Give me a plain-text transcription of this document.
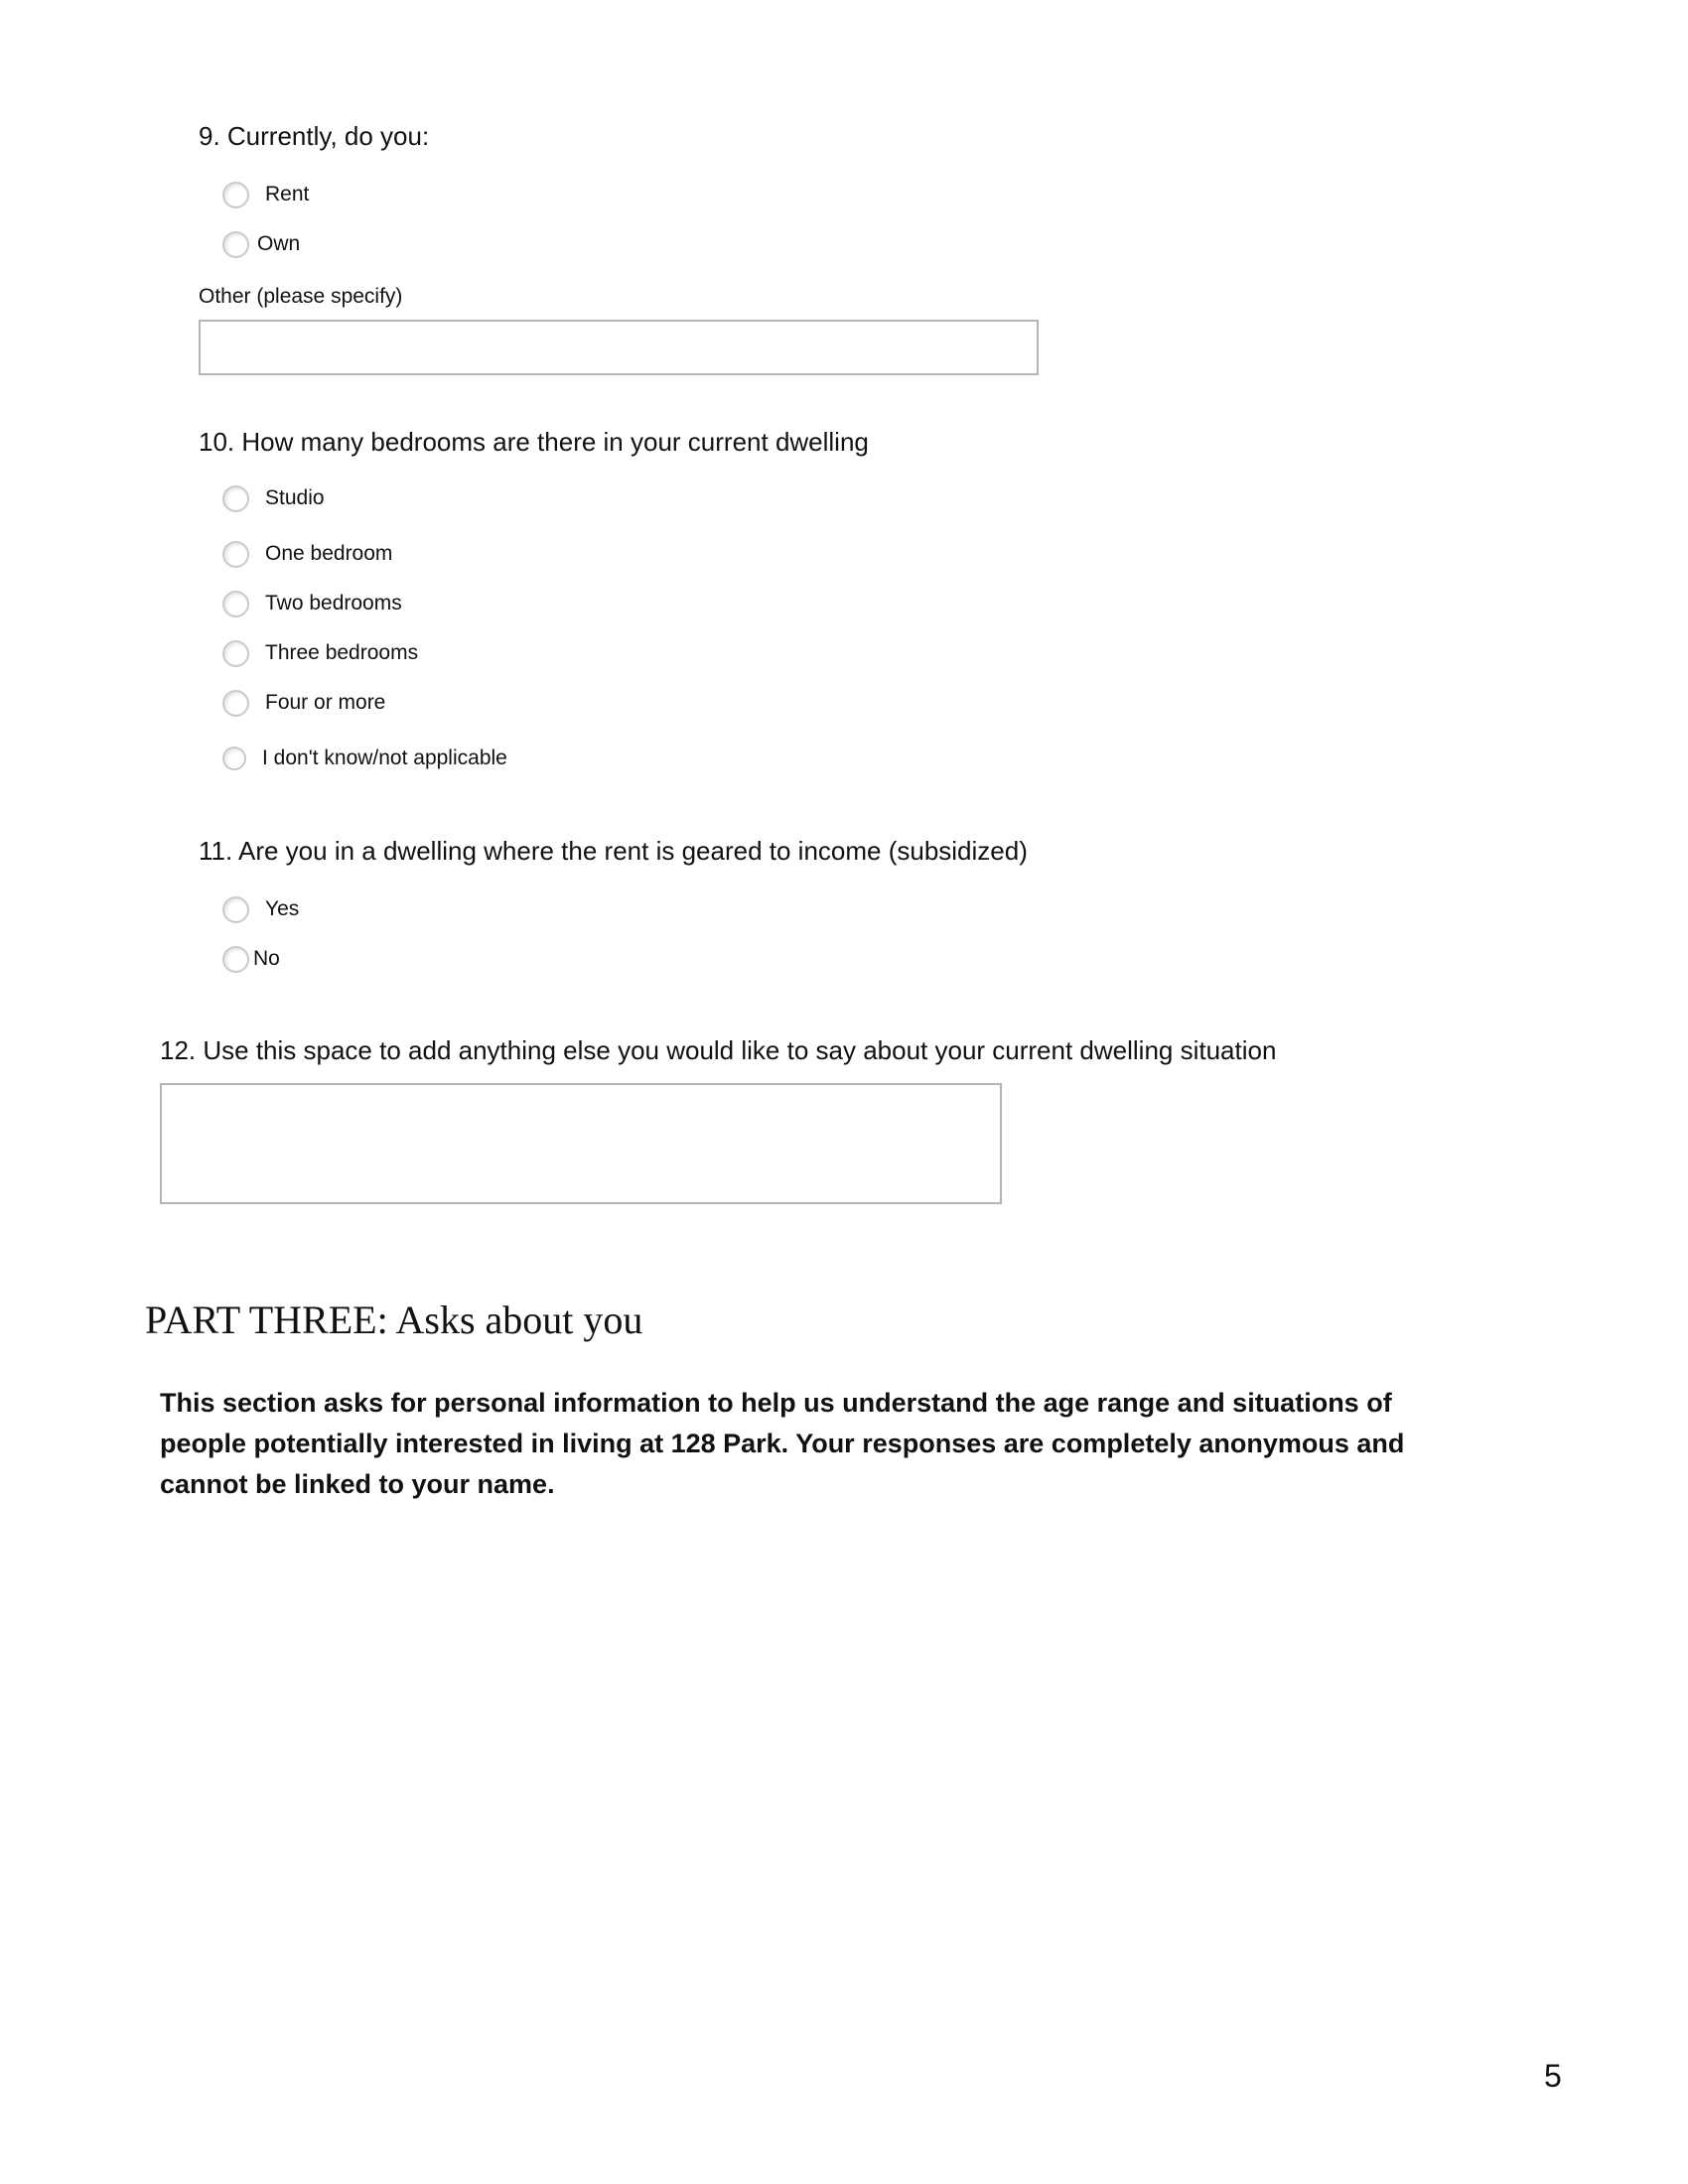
9. Currently, do you:
Rent
Own
Other (please specify)
10. How many bedrooms are there in your current dwelling
Studio
One bedroom
Two bedrooms
Three bedrooms
Four or more
I don't know/not applicable
11. Are you in a dwelling where the rent is geared to income (subsidized)
Yes
No
12. Use this space to add anything else you would like to say about your current dwelling situation
PART THREE: Asks about you
This section asks for personal information to help us understand the age range and situations of people potentially interested in living at 128 Park. Your responses are completely anonymous and cannot be linked to your name.
5
